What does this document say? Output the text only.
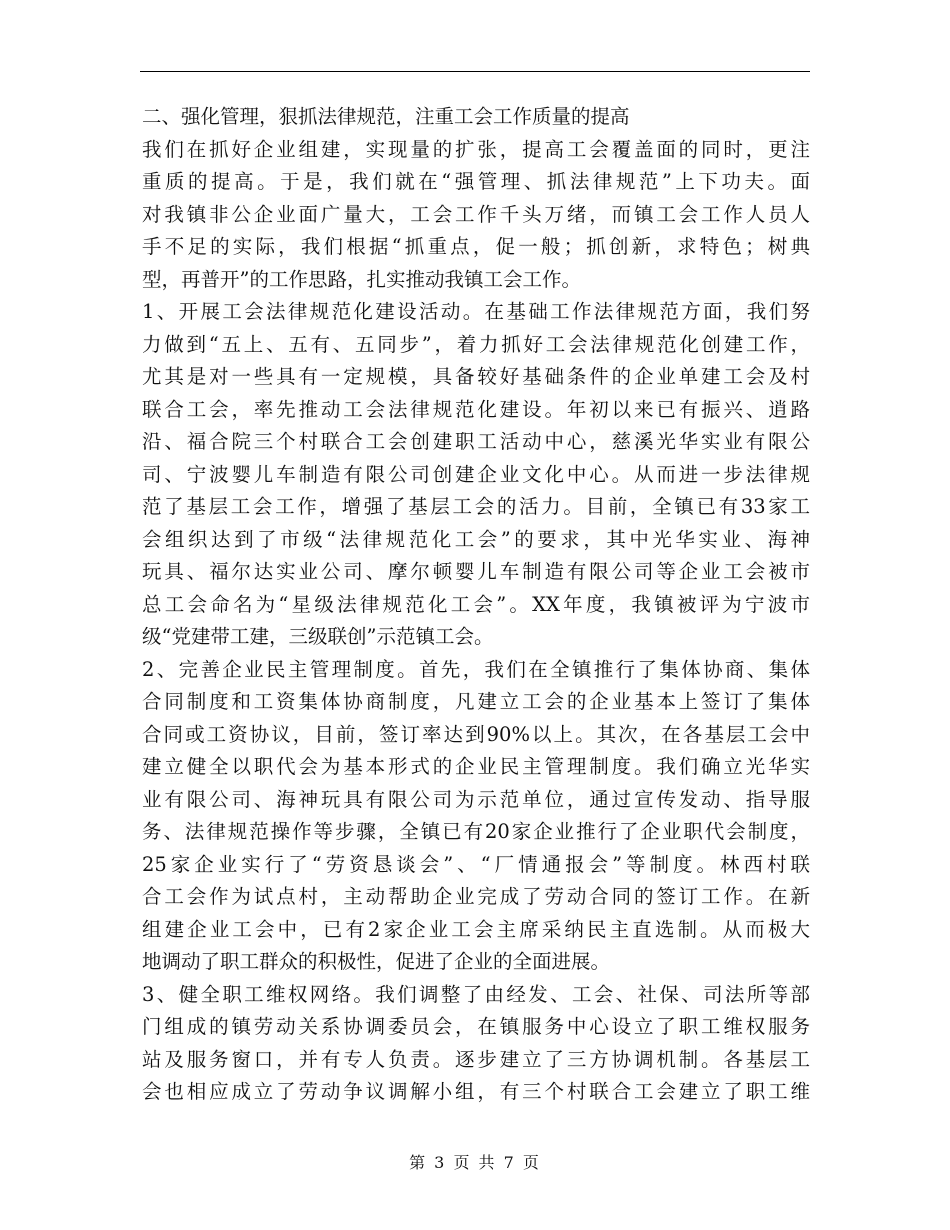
二、强化管理，狠抓法律规范，注重工会工作质量的提高
我们在抓好企业组建，实现量的扩张，提高工会覆盖面的同时，更注
重质的提高。于是，我们就在“强管理、抓法律规范”上下功夫。面
对我镇非公企业面广量大，工会工作千头万绪，而镇工会工作人员人
手不足的实际，我们根据“抓重点，促一般；抓创新，求特色；树典
型，再普开”的工作思路，扎实推动我镇工会工作。
1、开展工会法律规范化建设活动。在基础工作法律规范方面，我们努
力做到“五上、五有、五同步”，着力抓好工会法律规范化创建工作，
尤其是对一些具有一定规模，具备较好基础条件的企业单建工会及村
联合工会，率先推动工会法律规范化建设。年初以来已有振兴、逍路
沿、福合院三个村联合工会创建职工活动中心，慈溪光华实业有限公
司、宁波婴儿车制造有限公司创建企业文化中心。从而进一步法律规
范了基层工会工作，增强了基层工会的活力。目前，全镇已有33家工
会组织达到了市级“法律规范化工会”的要求，其中光华实业、海神
玩具、福尔达实业公司、摩尔顿婴儿车制造有限公司等企业工会被市
总工会命名为“星级法律规范化工会”。XX年度，我镇被评为宁波市
级“党建带工建，三级联创”示范镇工会。
2、完善企业民主管理制度。首先，我们在全镇推行了集体协商、集体
合同制度和工资集体协商制度，凡建立工会的企业基本上签订了集体
合同或工资协议，目前，签订率达到90%以上。其次，在各基层工会中
建立健全以职代会为基本形式的企业民主管理制度。我们确立光华实
业有限公司、海神玩具有限公司为示范单位，通过宣传发动、指导服
务、法律规范操作等步骤，全镇已有20家企业推行了企业职代会制度，
25家企业实行了“劳资恳谈会”、“厂情通报会”等制度。林西村联
合工会作为试点村，主动帮助企业完成了劳动合同的签订工作。在新
组建企业工会中，已有2家企业工会主席采纳民主直选制。从而极大
地调动了职工群众的积极性，促进了企业的全面进展。
3、健全职工维权网络。我们调整了由经发、工会、社保、司法所等部
门组成的镇劳动关系协调委员会，在镇服务中心设立了职工维权服务
站及服务窗口，并有专人负责。逐步建立了三方协调机制。各基层工
会也相应成立了劳动争议调解小组，有三个村联合工会建立了职工维
第 3 页 共 7 页
